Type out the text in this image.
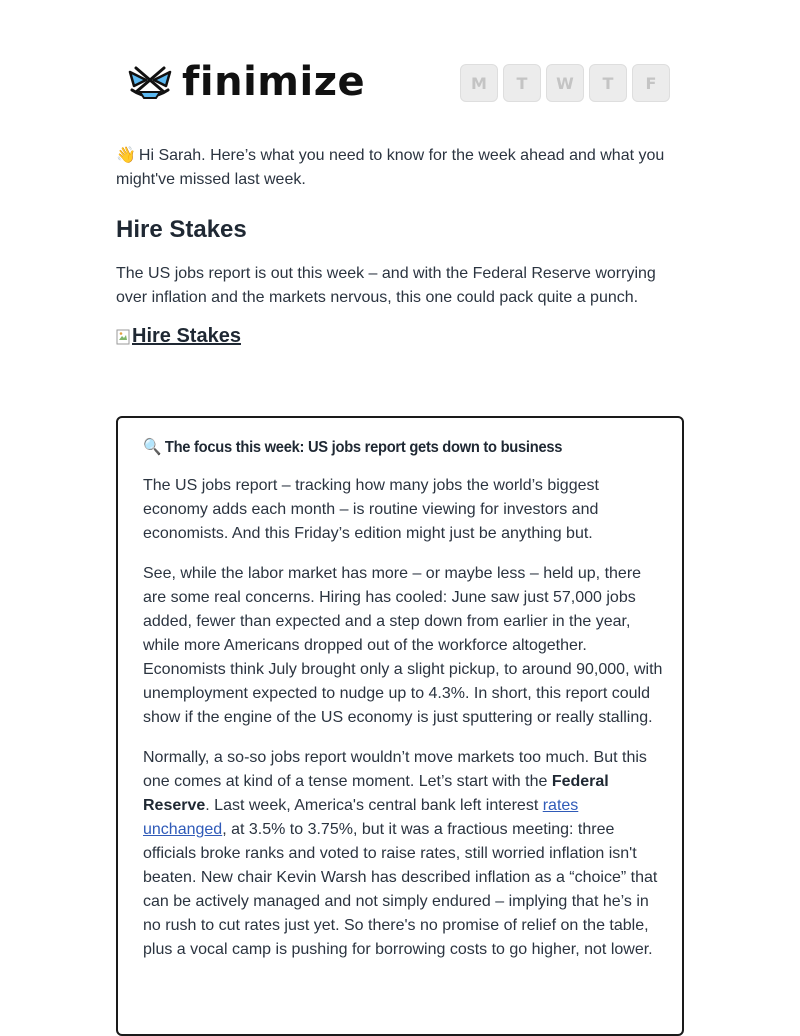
finimize	M	T	W	T	F
👋 Hi Sarah. Here’s what you need to know for the week ahead and what you might've missed last week.
Hire Stakes
The US jobs report is out this week – and with the Federal Reserve worrying over inflation and the markets nervous, this one could pack quite a punch.
Hire Stakes
🔍 The focus this week: US jobs report gets down to business

The US jobs report – tracking how many jobs the world’s biggest economy adds each month – is routine viewing for investors and economists. And this Friday’s edition might just be anything but.

See, while the labor market has more – or maybe less – held up, there are some real concerns. Hiring has cooled: June saw just 57,000 jobs added, fewer than expected and a step down from earlier in the year, while more Americans dropped out of the workforce altogether. Economists think July brought only a slight pickup, to around 90,000, with unemployment expected to nudge up to 4.3%. In short, this report could show if the engine of the US economy is just sputtering or really stalling.

Normally, a so-so jobs report wouldn’t move markets too much. But this one comes at kind of a tense moment. Let’s start with the Federal Reserve. Last week, America's central bank left interest rates unchanged, at 3.5% to 3.75%, but it was a fractious meeting: three officials broke ranks and voted to raise rates, still worried inflation isn't beaten. New chair Kevin Warsh has described inflation as a “choice” that can be actively managed and not simply endured – implying that he’s in no rush to cut rates just yet. So there's no promise of relief on the table, plus a vocal camp is pushing for borrowing costs to go higher, not lower.
